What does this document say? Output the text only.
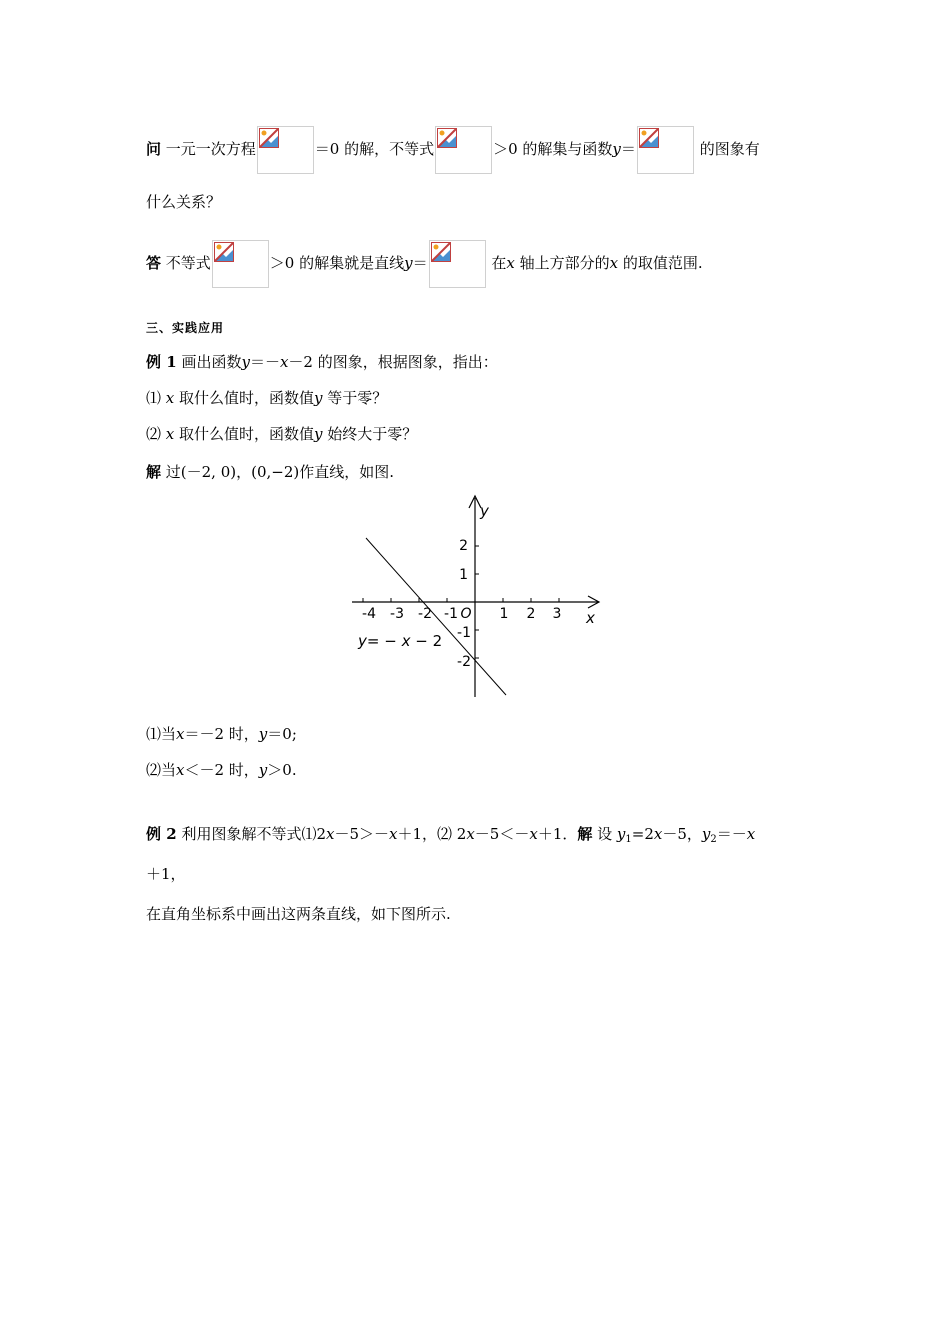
问 一元一次方程	＝0 的解，不等式	＞0 的解集与函数y＝	的图象有
什么关系？
答 不等式	＞0 的解集就是直线y＝	在x 轴上方部分的x 的取值范围.
三、实践应用
例 1 画出函数y＝－x－2 的图象，根据图象，指出：
⑴ x 取什么值时，函数值y 等于零？
⑵ x 取什么值时，函数值y 始终大于零？
解 过(－2, 0)，(0,−2)作直线，如图.
-4 -3 -2 -1	1 2 3
O
2
1
-1
-2
x
y
y= − x − 2
⑴当x＝－2 时，y＝0;
⑵当x＜－2 时，y＞0.
例 2 利用图象解不等式⑴2x－5＞－x＋1，⑵ 2x－5＜－x＋1．解 设 $y_1=2x-5$，$y_2=-x$
＋1，
在直角坐标系中画出这两条直线，如下图所示.
